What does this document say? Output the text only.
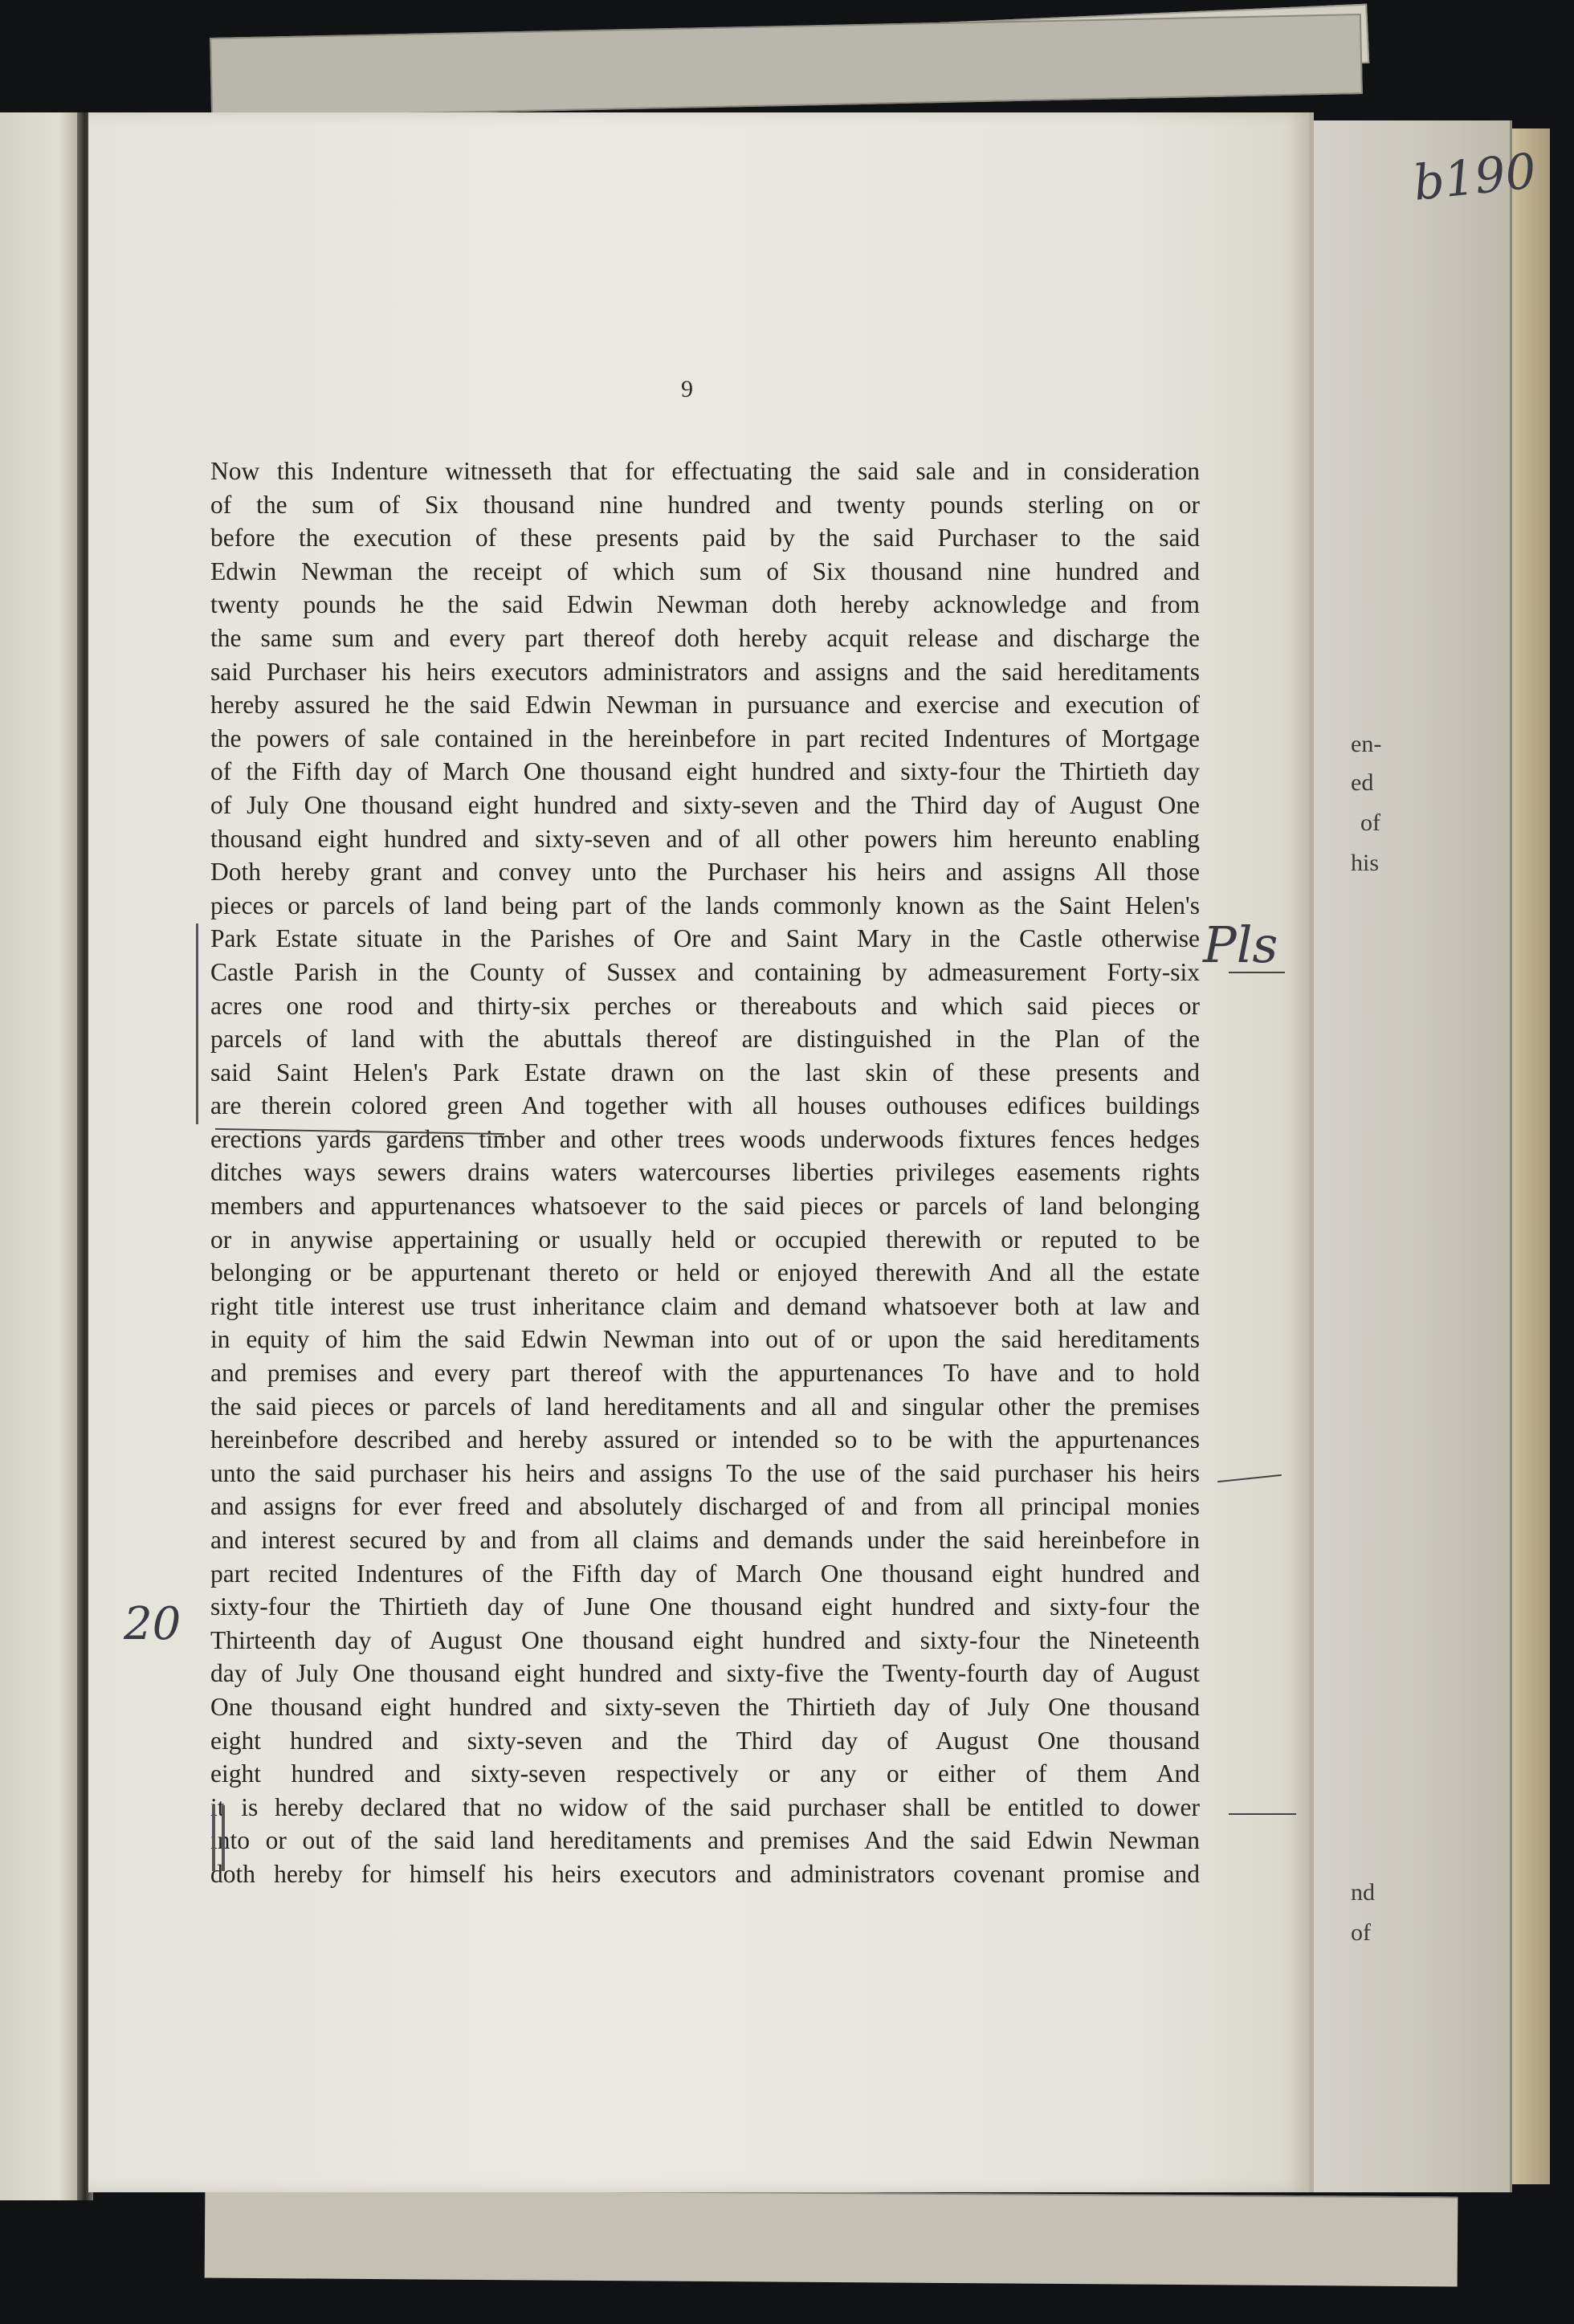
en-
ed
of
his
nd
of
b190
9
Now this Indenture witnesseth that for effectuating the said sale and in consideration
of the sum of Six thousand nine hundred and twenty pounds sterling on or
before the execution of these presents paid by the said Purchaser to the said
Edwin Newman the receipt of which sum of Six thousand nine hundred and
twenty pounds he the said Edwin Newman doth hereby acknowledge and from
the same sum and every part thereof doth hereby acquit release and discharge the
said Purchaser his heirs executors administrators and assigns and the said hereditaments
hereby assured he the said Edwin Newman in pursuance and exercise and execution of
the powers of sale contained in the hereinbefore in part recited Indentures of Mortgage
of the Fifth day of March One thousand eight hundred and sixty-four the Thirtieth day
of July One thousand eight hundred and sixty-seven and the Third day of August One
thousand eight hundred and sixty-seven and of all other powers him hereunto enabling
Doth hereby grant and convey unto the Purchaser his heirs and assigns All those
pieces or parcels of land being part of the lands commonly known as the Saint Helen's
Park Estate situate in the Parishes of Ore and Saint Mary in the Castle otherwise
Castle Parish in the County of Sussex and containing by admeasurement Forty-six
acres one rood and thirty-six perches or thereabouts and which said pieces or
parcels of land with the abuttals thereof are distinguished in the Plan of the
said Saint Helen's Park Estate drawn on the last skin of these presents and
are therein colored green And together with all houses outhouses edifices buildings
erections yards gardens timber and other trees woods underwoods fixtures fences hedges
ditches ways sewers drains waters watercourses liberties privileges easements rights
members and appurtenances whatsoever to the said pieces or parcels of land belonging
or in anywise appertaining or usually held or occupied therewith or reputed to be
belonging or be appurtenant thereto or held or enjoyed therewith And all the estate
right title interest use trust inheritance claim and demand whatsoever both at law and
in equity of him the said Edwin Newman into out of or upon the said hereditaments
and premises and every part thereof with the appurtenances To have and to hold
the said pieces or parcels of land hereditaments and all and singular other the premises
hereinbefore described and hereby assured or intended so to be with the appurtenances
unto the said purchaser his heirs and assigns To the use of the said purchaser his heirs
and assigns for ever freed and absolutely discharged of and from all principal monies
and interest secured by and from all claims and demands under the said hereinbefore in
part recited Indentures of the Fifth day of March One thousand eight hundred and
sixty-four the Thirtieth day of June One thousand eight hundred and sixty-four the
Thirteenth day of August One thousand eight hundred and sixty-four the Nineteenth
day of July One thousand eight hundred and sixty-five the Twenty-fourth day of August
One thousand eight hundred and sixty-seven the Thirtieth day of July One thousand
eight hundred and sixty-seven and the Third day of August One thousand
eight hundred and sixty-seven respectively or any or either of them And
it is hereby declared that no widow of the said purchaser shall be entitled to dower
into or out of the said land hereditaments and premises And the said Edwin Newman
doth hereby for himself his heirs executors and administrators covenant promise and
Pls
20
